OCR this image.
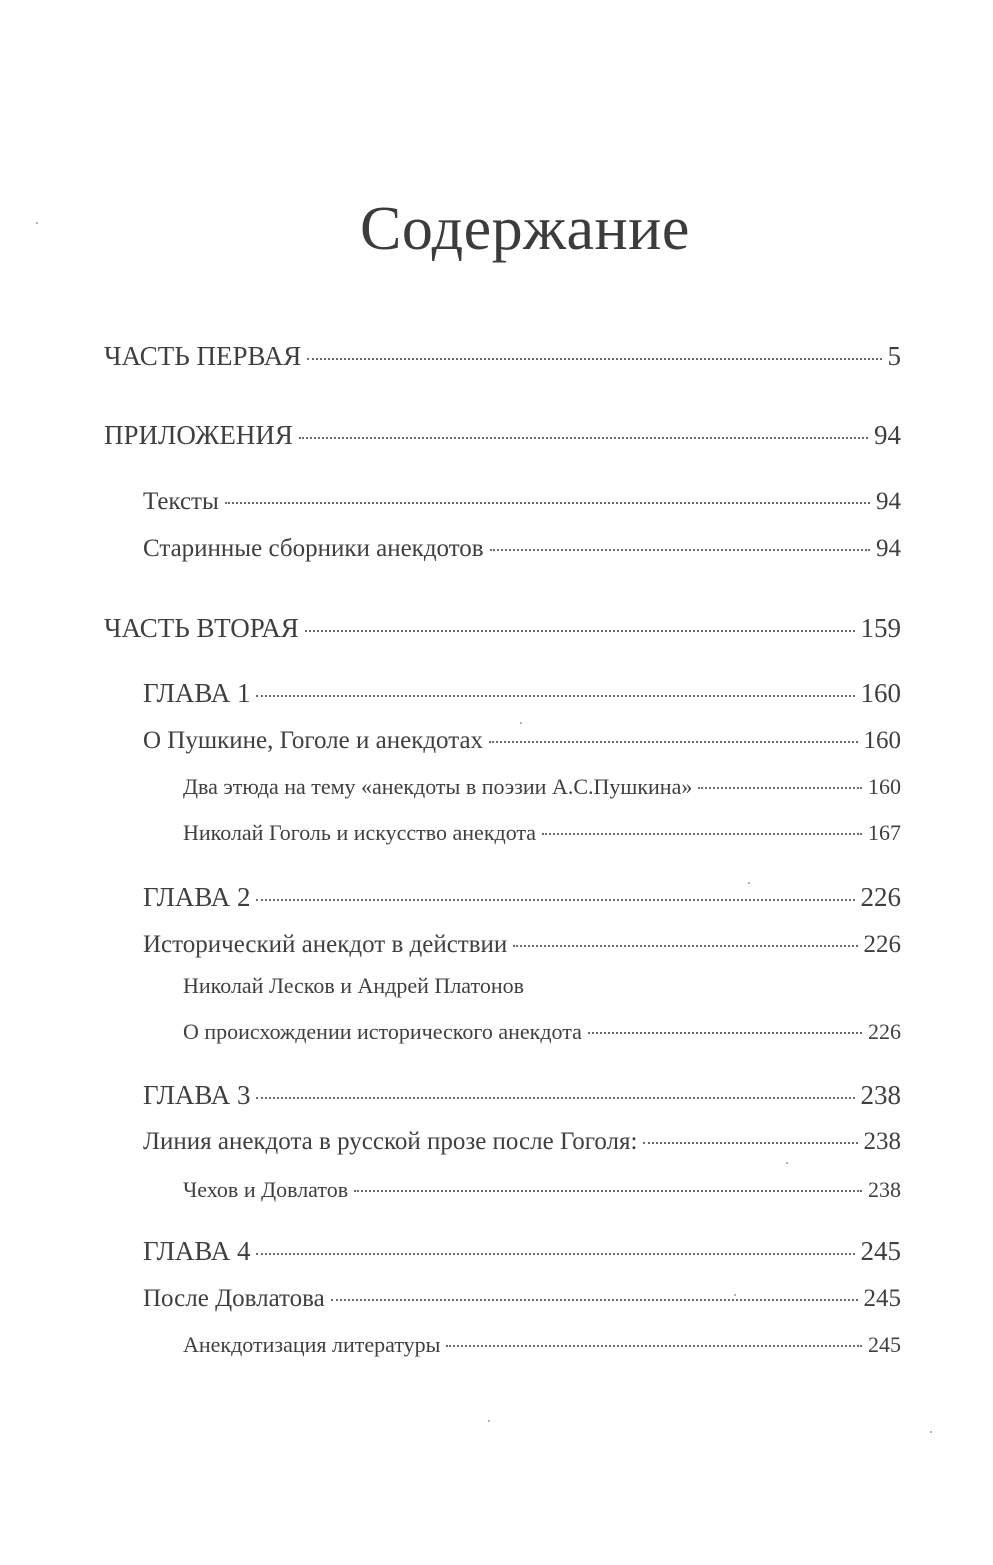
Содержание
ЧАСТЬ ПЕРВАЯ	5
ПРИЛОЖЕНИЯ	94
Тексты	94
Старинные сборники анекдотов	94
ЧАСТЬ ВТОРАЯ	159
ГЛАВА 1	160
О Пушкине, Гоголе и анекдотах	160
Два этюда на тему «анекдоты в поэзии А.С.Пушкина»	160
Николай Гоголь и искусство анекдота	167
ГЛАВА 2	226
Исторический анекдот в действии	226
Николай Лесков и Андрей Платонов
О происхождении исторического анекдота	226
ГЛАВА 3	238
Линия анекдота в русской прозе после Гоголя:	238
Чехов и Довлатов	238
ГЛАВА 4	245
После Довлатова	245
Анекдотизация литературы	245
